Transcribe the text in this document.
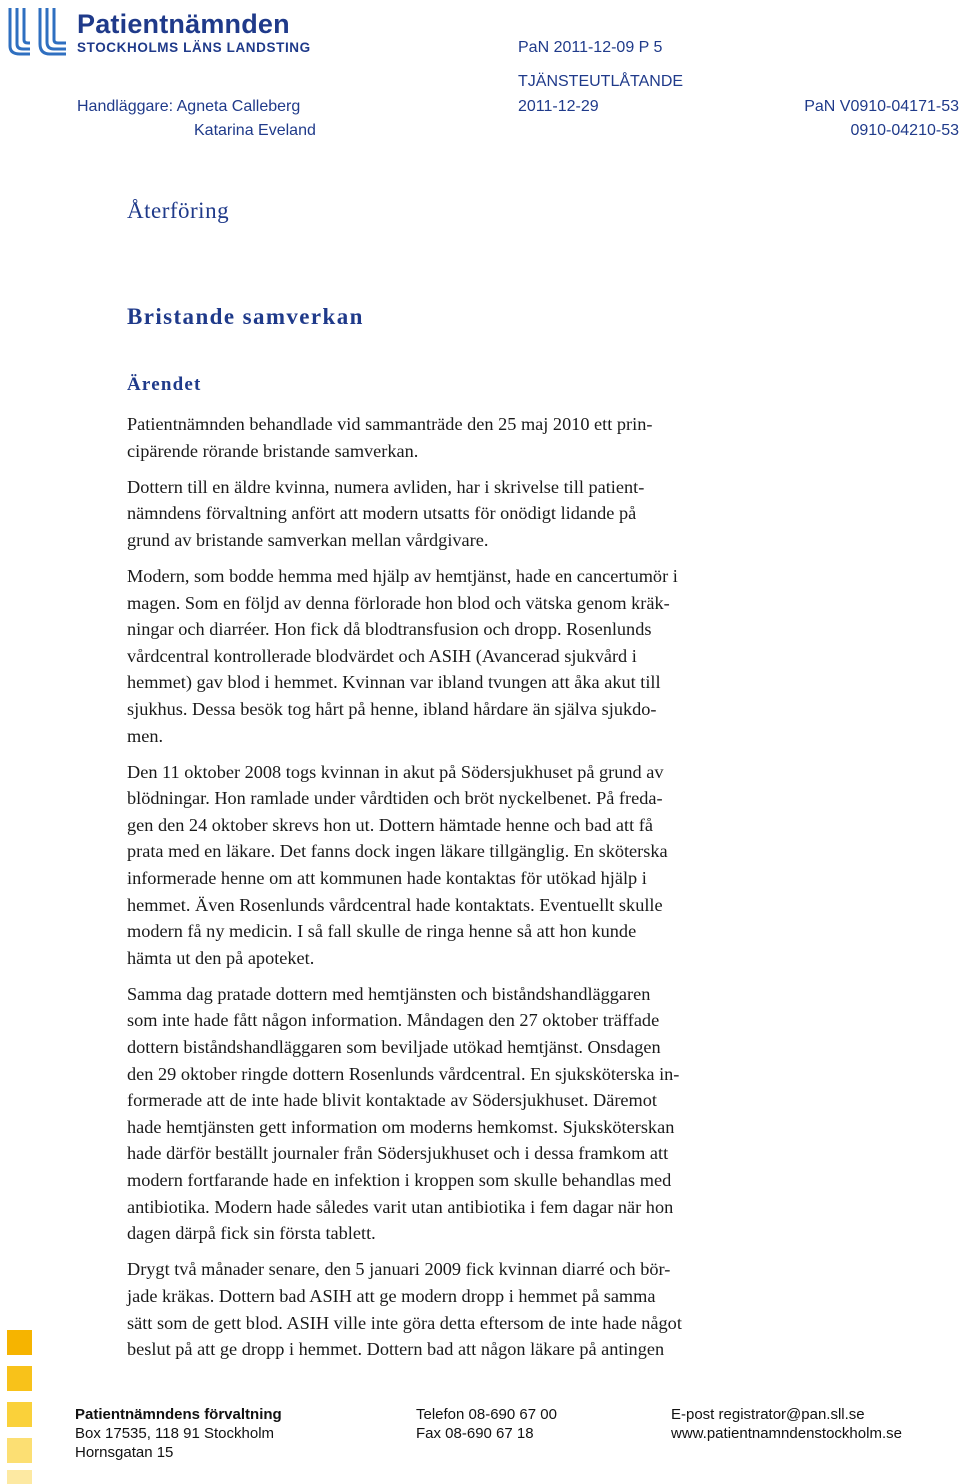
Patientnämnden
STOCKHOLMS LÄNS LANDSTING	PaN 2011-12-09 P 5
TJÄNSTEUTLÅTANDE
Handläggare: Agneta Calleberg	2011-12-29	PaN V0910-04171-53
Katarina Eveland	0910-04210-53
Återföring
Bristande samverkan
Ärendet

Patientnämnden behandlade vid sammanträde den 25 maj 2010 ett prin-
cipärende rörande bristande samverkan.

Dottern till en äldre kvinna, numera avliden, har i skrivelse till patient-
nämndens förvaltning anfört att modern utsatts för onödigt lidande på
grund av bristande samverkan mellan vårdgivare.

Modern, som bodde hemma med hjälp av hemtjänst, hade en cancertumör i
magen. Som en följd av denna förlorade hon blod och vätska genom kräk-
ningar och diarréer. Hon fick då blodtransfusion och dropp. Rosenlunds
vårdcentral kontrollerade blodvärdet och ASIH (Avancerad sjukvård i
hemmet) gav blod i hemmet. Kvinnan var ibland tvungen att åka akut till
sjukhus. Dessa besök tog hårt på henne, ibland hårdare än själva sjukdo-
men.

Den 11 oktober 2008 togs kvinnan in akut på Södersjukhuset på grund av
blödningar. Hon ramlade under vårdtiden och bröt nyckelbenet. På freda-
gen den 24 oktober skrevs hon ut. Dottern hämtade henne och bad att få
prata med en läkare. Det fanns dock ingen läkare tillgänglig. En sköterska
informerade henne om att kommunen hade kontaktas för utökad hjälp i
hemmet. Även Rosenlunds vårdcentral hade kontaktats. Eventuellt skulle
modern få ny medicin. I så fall skulle de ringa henne så att hon kunde
hämta ut den på apoteket.

Samma dag pratade dottern med hemtjänsten och biståndshandläggaren
som inte hade fått någon information. Måndagen den 27 oktober träffade
dottern biståndshandläggaren som beviljade utökad hemtjänst. Onsdagen
den 29 oktober ringde dottern Rosenlunds vårdcentral. En sjuksköterska in-
formerade att de inte hade blivit kontaktade av Södersjukhuset. Däremot
hade hemtjänsten gett information om moderns hemkomst. Sjuksköterskan
hade därför beställt journaler från Södersjukhuset och i dessa framkom att
modern fortfarande hade en infektion i kroppen som skulle behandlas med
antibiotika. Modern hade således varit utan antibiotika i fem dagar när hon
dagen därpå fick sin första tablett.

Drygt två månader senare, den 5 januari 2009 fick kvinnan diarré och bör-
jade kräkas. Dottern bad ASIH att ge modern dropp i hemmet på samma
sätt som de gett blod. ASIH ville inte göra detta eftersom de inte hade något
beslut på att ge dropp i hemmet. Dottern bad att någon läkare på antingen

Patientnämndens förvaltning
Box 17535, 118 91 Stockholm
Hornsgatan 15
Telefon 08-690 67 00
Fax 08-690 67 18
E-post registrator@pan.sll.se
www.patientnamndenstockholm.se
